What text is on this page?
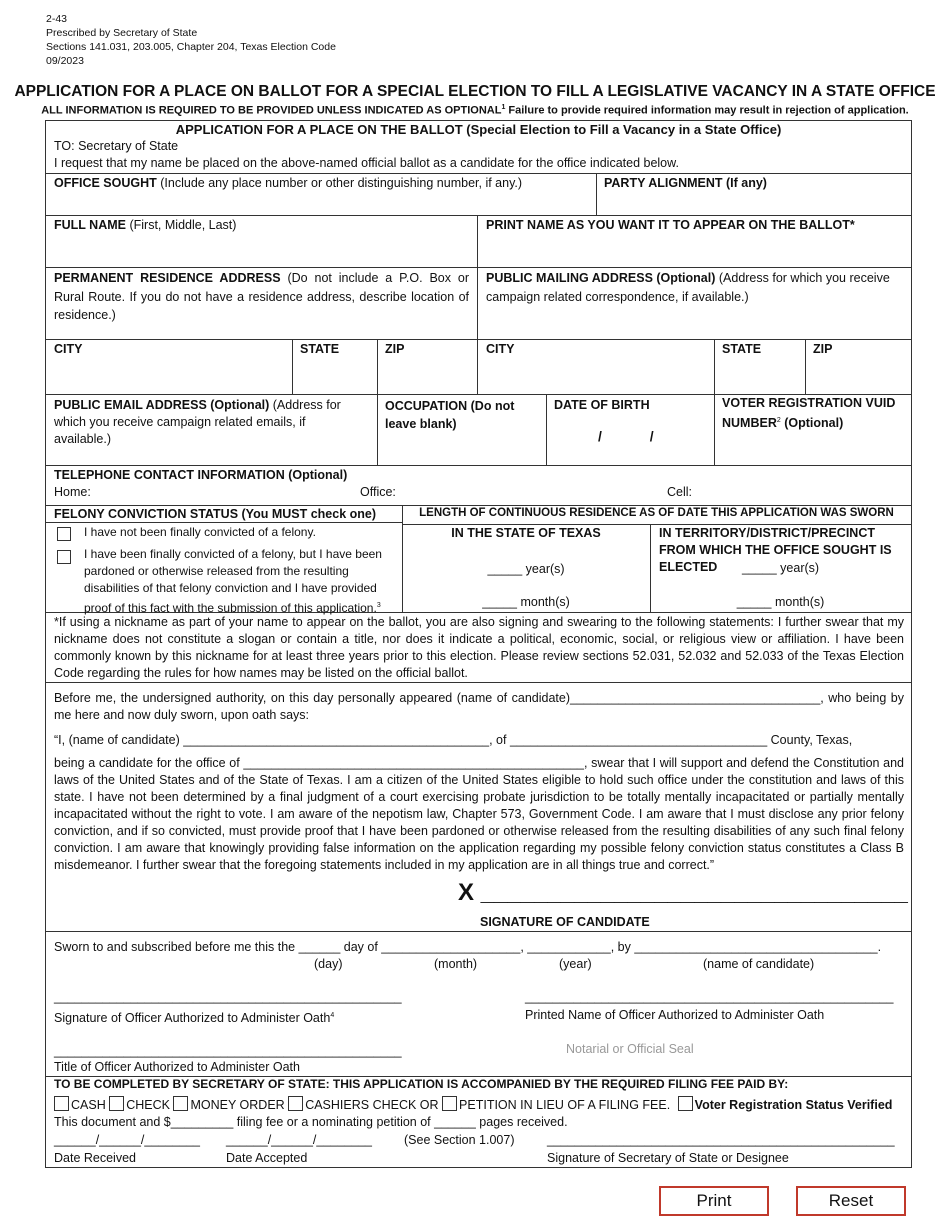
2-43
Prescribed by Secretary of State
Sections 141.031, 203.005, Chapter 204, Texas Election Code
09/2023
APPLICATION FOR A PLACE ON BALLOT FOR A SPECIAL ELECTION TO FILL A LEGISLATIVE VACANCY IN A STATE OFFICE
ALL INFORMATION IS REQUIRED TO BE PROVIDED UNLESS INDICATED AS OPTIONAL$^1$ Failure to provide required information may result in rejection of application.
APPLICATION FOR A PLACE ON THE BALLOT (Special Election to Fill a Vacancy in a State Office)
TO: Secretary of State
I request that my name be placed on the above-named official ballot as a candidate for the office indicated below.
OFFICE SOUGHT (Include any place number or other distinguishing number, if any.)	PARTY ALIGNMENT (If any)
FULL NAME (First, Middle, Last)	PRINT NAME AS YOU WANT IT TO APPEAR ON THE BALLOT*
PERMANENT RESIDENCE ADDRESS (Do not include a P.O. Box or Rural Route. If you do not have a residence address, describe location of residence.)
PUBLIC MAILING ADDRESS (Optional) (Address for which you receive campaign related correspondence, if available.)
CITY	STATE	ZIP	CITY	STATE	ZIP
PUBLIC EMAIL ADDRESS (Optional) (Address for which you receive campaign related emails, if available.)
OCCUPATION (Do not leave blank)
DATE OF BIRTH
/ /
VOTER REGISTRATION VUID NUMBER$^2$ (Optional)
TELEPHONE CONTACT INFORMATION (Optional)
Home:	Office:	Cell:
FELONY CONVICTION STATUS (You MUST check one)
I have not been finally convicted of a felony.
I have been finally convicted of a felony, but I have been pardoned or otherwise released from the resulting disabilities of that felony conviction and I have provided proof of this fact with the submission of this application.$^3$
LENGTH OF CONTINUOUS RESIDENCE AS OF DATE THIS APPLICATION WAS SWORN
IN THE STATE OF TEXAS
_____ year(s)
_____ month(s)
IN TERRITORY/DISTRICT/PRECINCT FROM WHICH THE OFFICE SOUGHT IS ELECTED	_____ year(s)
_____ month(s)
*If using a nickname as part of your name to appear on the ballot, you are also signing and swearing to the following statements: I further swear that my nickname does not constitute a slogan or contain a title, nor does it indicate a political, economic, social, or religious view or affiliation. I have been commonly known by this nickname for at least three years prior to this election. Please review sections 52.031, 52.032 and 52.033 of the Texas Election Code regarding the rules for how names may be listed on the official ballot.
Before me, the undersigned authority, on this day personally appeared (name of candidate)____________________________________, who being by me here and now duly sworn, upon oath says:
“I, (name of candidate) ____________________________________________, of _____________________________________ County, Texas,
being a candidate for the office of _________________________________________________, swear that I will support and defend the Constitution and laws of the United States and of the State of Texas. I am a citizen of the United States eligible to hold such office under the constitution and laws of this state. I have not been determined by a final judgment of a court exercising probate jurisdiction to be totally mentally incapacitated or partially mentally incapacitated without the right to vote. I am aware of the nepotism law, Chapter 573, Government Code. I am aware that I must disclose any prior felony conviction, and if so convicted, must provide proof that I have been pardoned or otherwise released from the resulting disabilities of any such final felony conviction. I am aware that knowingly providing false information on the application regarding my possible felony conviction status constitutes a Class B misdemeanor. I further swear that the foregoing statements included in my application are in all things true and correct.”
X ________________________________
SIGNATURE OF CANDIDATE
Sworn to and subscribed before me this the ______ day of ____________________, ____________, by ___________________________________.
(day)	(month)	(year)	(name of candidate)
__________________________________________________
Signature of Officer Authorized to Administer Oath$^4$
_____________________________________________________
Printed Name of Officer Authorized to Administer Oath
Notarial or Official Seal
__________________________________________________
Title of Officer Authorized to Administer Oath
TO BE COMPLETED BY SECRETARY OF STATE: THIS APPLICATION IS ACCOMPANIED BY THE REQUIRED FILING FEE PAID BY:
CASH CHECK MONEY ORDER CASHIERS CHECK OR PETITION IN LIEU OF A FILING FEE. Voter Registration Status Verified
This document and $_________ filing fee or a nominating petition of ______ pages received.
______/______/________ ______/______/________	(See Section 1.007)	__________________________________________________
Date Received	Date Accepted	Signature of Secretary of State or Designee
Print	Reset
